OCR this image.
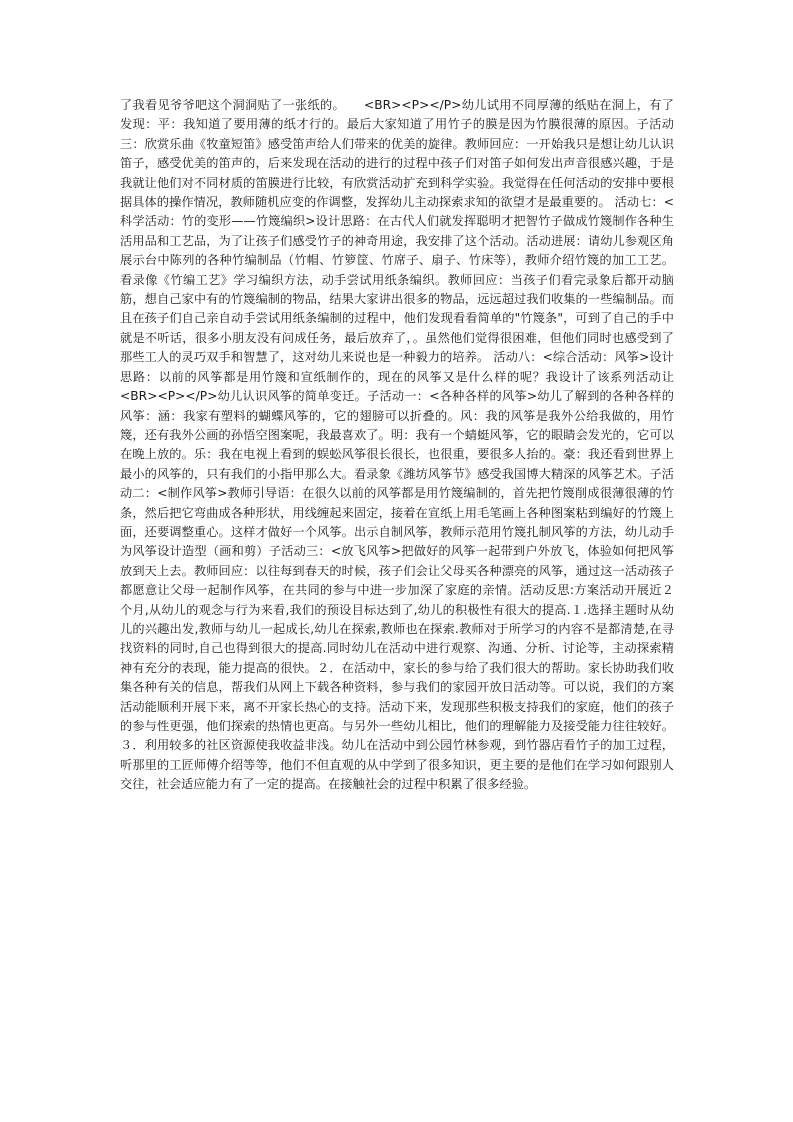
了我看见爷爷吧这个洞洞贴了一张纸的。　　<BR><P></P>幼儿试用不同厚薄的纸贴在洞上，有了发现：平：我知道了要用薄的纸才行的。最后大家知道了用竹子的膜是因为竹膜很薄的原因。子活动三：欣赏乐曲《牧童短笛》感受笛声给人们带来的优美的旋律。教师回应：一开始我只是想让幼儿认识笛子，感受优美的笛声的，后来发现在活动的进行的过程中孩子们对笛子如何发出声音很感兴趣，于是我就让他们对不同材质的笛膜进行比较，有欣赏活动扩充到科学实验。我觉得在任何活动的安排中要根据具体的操作情况，教师随机应变的作调整，发挥幼儿主动探索求知的欲望才是最重要的。 活动七：<科学活动：竹的变形——竹篾编织>设计思路：在古代人们就发挥聪明才把智竹子做成竹篾制作各种生活用品和工艺品，为了让孩子们感受竹子的神奇用途，我安排了这个活动。活动进展：请幼儿参观区角展示台中陈列的各种竹编制品（竹帽、竹箩筐、竹席子、扇子、竹床等），教师介绍竹篾的加工工艺。看录像《竹编工艺》学习编织方法，动手尝试用纸条编织。教师回应：当孩子们看完录象后都开动脑筋，想自己家中有的竹篾编制的物品，结果大家讲出很多的物品，远远超过我们收集的一些编制品。而且在孩子们自己亲自动手尝试用纸条编制的过程中，他们发现看看简单的"竹篾条"，可到了自己的手中就是不听话，很多小朋友没有问成任务，最后放弃了，。虽然他们觉得很困难，但他们同时也感受到了那些工人的灵巧双手和智慧了，这对幼儿来说也是一种毅力的培养。 活动八：<综合活动：风筝>设计思路：以前的风筝都是用竹篾和宣纸制作的，现在的风筝又是什么样的呢？我设计了该系列活动让　　<BR><P></P>幼儿认识风筝的简单变迁。子活动一：<各种各样的风筝>幼儿了解到的各种各样的风筝：涵：我家有塑料的蝴蝶风筝的，它的翅膀可以折叠的。风：我的风筝是我外公给我做的，用竹篾，还有我外公画的孙悟空图案呢，我最喜欢了。明：我有一个蜻蜓风筝，它的眼睛会发光的，它可以在晚上放的。乐：我在电视上看到的蜈蚣风筝很长很长，也很重，要很多人抬的。豪：我还看到世界上最小的风筝的，只有我们的小指甲那么大。看录象《潍坊风筝节》感受我国博大精深的风筝艺术。子活动二：<制作风筝>教师引导语：在很久以前的风筝都是用竹篾编制的，首先把竹篾削成很薄很薄的竹条，然后把它弯曲成各种形状，用线缠起来固定，接着在宣纸上用毛笔画上各种图案粘到编好的竹篾上面，还要调整重心。这样才做好一个风筝。出示自制风筝，教师示范用竹篾扎制风筝的方法，幼儿动手为风筝设计造型（画和剪）子活动三：<放飞风筝>把做好的风筝一起带到户外放飞，体验如何把风筝放到天上去。教师回应：以往每到春天的时候，孩子们会让父母买各种漂亮的风筝，通过这一活动孩子都愿意让父母一起制作风筝，在共同的参与中进一步加深了家庭的亲情。活动反思:方案活动开展近２个月,从幼儿的观念与行为来看,我们的预设目标达到了,幼儿的积极性有很大的提高.１.选择主题时从幼儿的兴趣出发,教师与幼儿一起成长,幼儿在探索,教师也在探索.教师对于所学习的内容不是都清楚,在寻找资料的同时,自己也得到很大的提高.同时幼儿在活动中进行观察、沟通、分析、讨论等，主动探索精神有充分的表现，能力提高的很快。２．在活动中，家长的参与给了我们很大的帮助。家长协助我们收集各种有关的信息，帮我们从网上下载各种资料，参与我们的家园开放日活动等。可以说，我们的方案活动能顺利开展下来，离不开家长热心的支持。活动下来，发现那些积极支持我们的家庭，他们的孩子的参与性更强，他们探索的热情也更高。与另外一些幼儿相比，他们的理解能力及接受能力往往较好。３．利用较多的社区资源使我收益非浅。幼儿在活动中到公园竹林参观，到竹器店看竹子的加工过程，听那里的工匠师傅介绍等等，他们不但直观的从中学到了很多知识，更主要的是他们在学习如何跟别人交往，社会适应能力有了一定的提高。在接触社会的过程中积累了很多经验。
